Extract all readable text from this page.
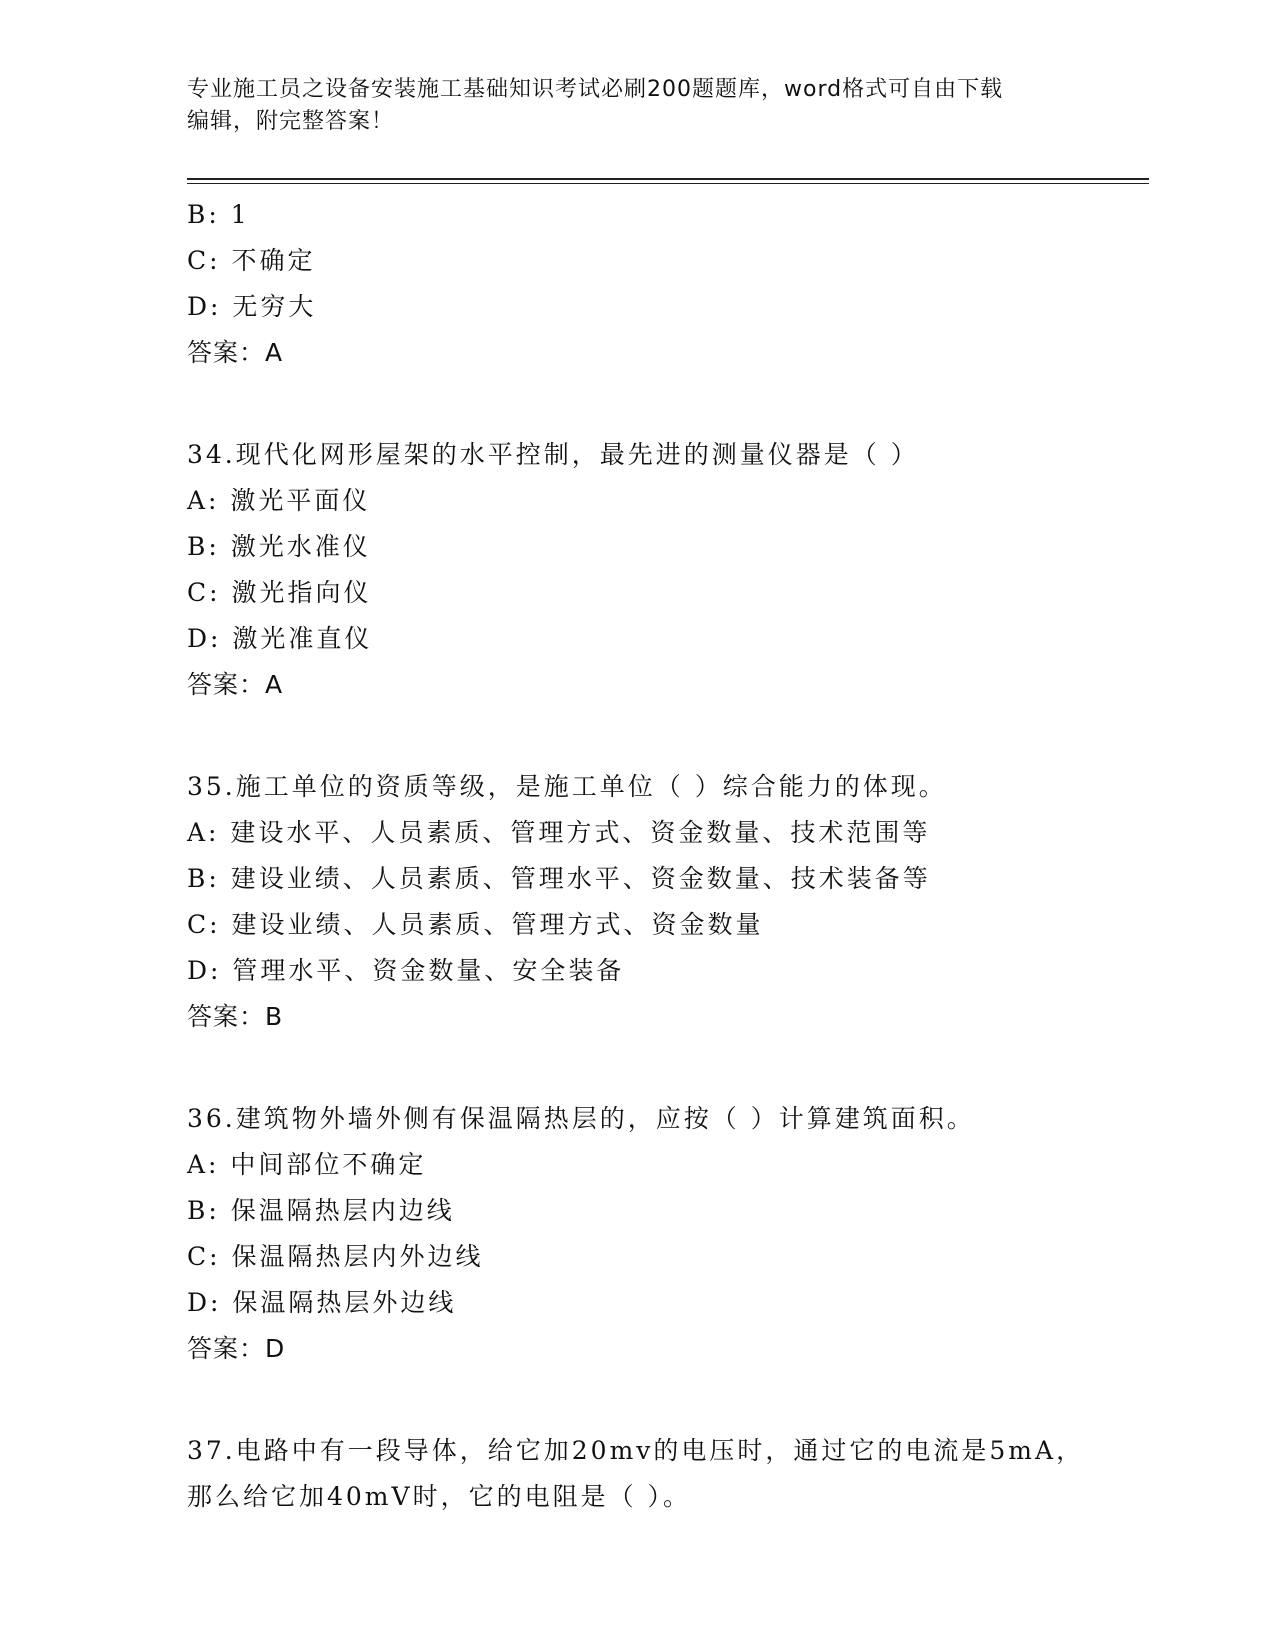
专业施工员之设备安装施工基础知识考试必刷200题题库，word格式可自由下载
编辑，附完整答案！
B: 1
C: 不确定
D: 无穷大
答案：A
34.现代化网形屋架的水平控制，最先进的测量仪器是（ ）
A: 激光平面仪
B: 激光水准仪
C: 激光指向仪
D: 激光准直仪
答案：A
35.施工单位的资质等级，是施工单位（ ）综合能力的体现。
A: 建设水平、人员素质、管理方式、资金数量、技术范围等
B: 建设业绩、人员素质、管理水平、资金数量、技术装备等
C: 建设业绩、人员素质、管理方式、资金数量
D: 管理水平、资金数量、安全装备
答案：B
36.建筑物外墙外侧有保温隔热层的，应按（ ）计算建筑面积。
A: 中间部位不确定
B: 保温隔热层内边线
C: 保温隔热层内外边线
D: 保温隔热层外边线
答案：D
37.电路中有一段导体，给它加20mv的电压时，通过它的电流是5mA，
那么给它加40mV时，它的电阻是（ ）。
